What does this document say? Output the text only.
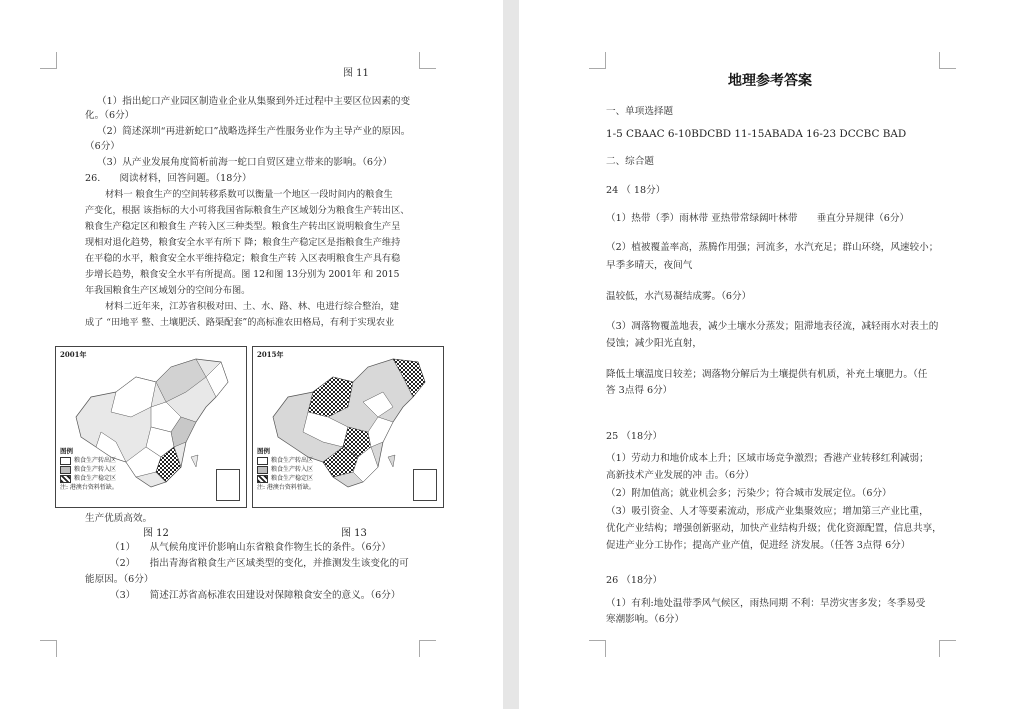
图 11
（1）指出蛇口产业园区制造业企业从集聚到外迁过程中主要区位因素的变
化。（6分）
（2）简述深圳“再进新蛇口”战略选择生产性服务业作为主导产业的原因。
（6分）
（3）从产业发展角度简析前海一蛇口自贸区建立带来的影响。（6分）
26.　　阅读材料，回答问题。（18分）
材料一 粮食生产的空间转移系数可以衡量一个地区一段时间内的粮食生
产变化，根据 该指标的大小可将我国省际粮食生产区域划分为粮食生产转出区、
粮食生产稳定区和粮食生 产转入区三种类型。粮食生产转出区说明粮食生产呈
现相对退化趋势，粮食安全水平有所下 降；粮食生产稳定区是指粮食生产维持
在平稳的水平，粮食安全水平维持稳定；粮食生产转 入区表明粮食生产具有稳
步增长趋势，粮食安全水平有所提高。图 12和图 13分别为 2001年 和 2015
年我国粮食生产区域划分的空间分布图。
材料二近年来，江苏省积极对田、土、水、路、林、电进行综合整治，建
成了 “田地平 整、土壤肥沃、路渠配套”的高标准农田格局，有利于实现农业
2001年
图例
粮食生产转出区
粮食生产转入区
粮食生产稳定区
注: 港澳台资料暂缺。
2015年
图例
粮食生产转出区
粮食生产转入区
粮食生产稳定区
注: 港澳台资料暂缺。
生产优质高效。
图 12	图 13
（1）　　从气候角度评价影响山东省粮食作物生长的条件。（6分）
（2）　　指出青海省粮食生产区域类型的变化，并推测发生该变化的可
能原因。（6分）
（3）　　简述江苏省高标准农田建设对保障粮食安全的意义。（6分）
地理参考答案
一、单项选择题
1-5 CBAAC 6-10BDCBD 11-15ABADA 16-23 DCCBC BAD
二、综合题
24 （ 18分）
（1）热带（季）雨林带 亚热带常绿阔叶林带　　垂直分异规律（6分）
（2）植被覆盖率高，蒸腾作用强；河流多，水汽充足；群山环绕，风速较小；
早季多晴天，夜间气
温较低，水汽易凝结成雾。（6分）
（3）凋落物覆盖地表，减少土壤水分蒸发；阻滞地表径流，减轻雨水对表土的
侵蚀；减少阳光直射，
降低土壤温度日较差；凋落物分解后为土壤提供有机质，补充土壤肥力。（任
答 3点得 6分）
25 （18分）
（1）劳动力和地价成本上升；区域市场竞争激烈；香港产业转移红利减弱；
高新技术产业发展的冲 击。（6分）
（2）附加值高；就业机会多；污染少；符合城市发展定位。（6分）
（3）吸引资金、人才等要素流动，形成产业集聚效应；增加第三产业比重，
优化产业结构；增强创新驱动，加快产业结构升级；优化资源配置，信息共享，
促进产业分工协作；提高产业产值，促进经 济发展。（任答 3点得 6分）
26 （18分）
（1）有利:地处温带季风气候区，雨热同期 不利：旱涝灾害多发；冬季易受
寒潮影响。（6分）
